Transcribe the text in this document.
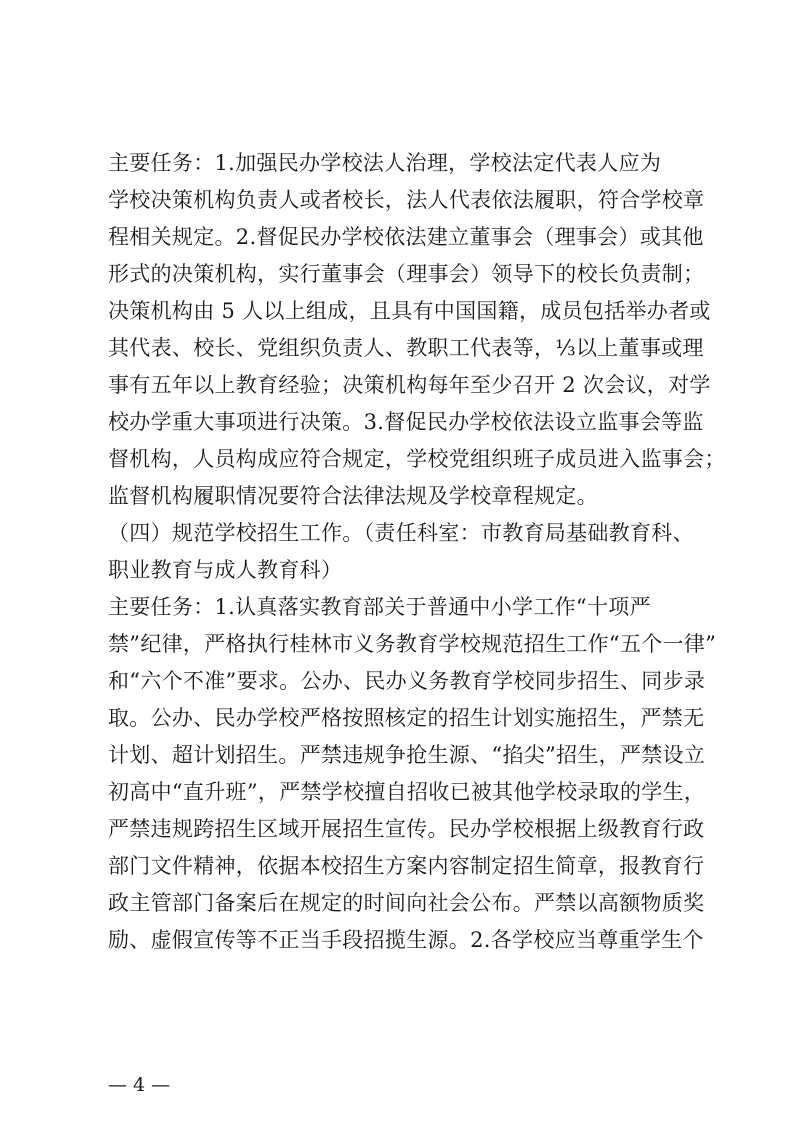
主要任务：1.加强民办学校法人治理，学校法定代表人应为
学校决策机构负责人或者校长，法人代表依法履职，符合学校章
程相关规定。2.督促民办学校依法建立董事会（理事会）或其他
形式的决策机构，实行董事会（理事会）领导下的校长负责制；
决策机构由 5 人以上组成，且具有中国国籍，成员包括举办者或
其代表、校长、党组织负责人、教职工代表等，⅓以上董事或理
事有五年以上教育经验；决策机构每年至少召开 2 次会议，对学
校办学重大事项进行决策。3.督促民办学校依法设立监事会等监
督机构，人员构成应符合规定，学校党组织班子成员进入监事会；
监督机构履职情况要符合法律法规及学校章程规定。
（四）规范学校招生工作。（责任科室：市教育局基础教育科、
职业教育与成人教育科）
主要任务：1.认真落实教育部关于普通中小学工作“十项严
禁”纪律，严格执行桂林市义务教育学校规范招生工作“五个一律”
和“六个不准”要求。公办、民办义务教育学校同步招生、同步录
取。公办、民办学校严格按照核定的招生计划实施招生，严禁无
计划、超计划招生。严禁违规争抢生源、“掐尖”招生，严禁设立
初高中“直升班”，严禁学校擅自招收已被其他学校录取的学生，
严禁违规跨招生区域开展招生宣传。民办学校根据上级教育行政
部门文件精神，依据本校招生方案内容制定招生简章，报教育行
政主管部门备案后在规定的时间向社会公布。严禁以高额物质奖
励、虚假宣传等不正当手段招揽生源。2.各学校应当尊重学生个
— 4 —
